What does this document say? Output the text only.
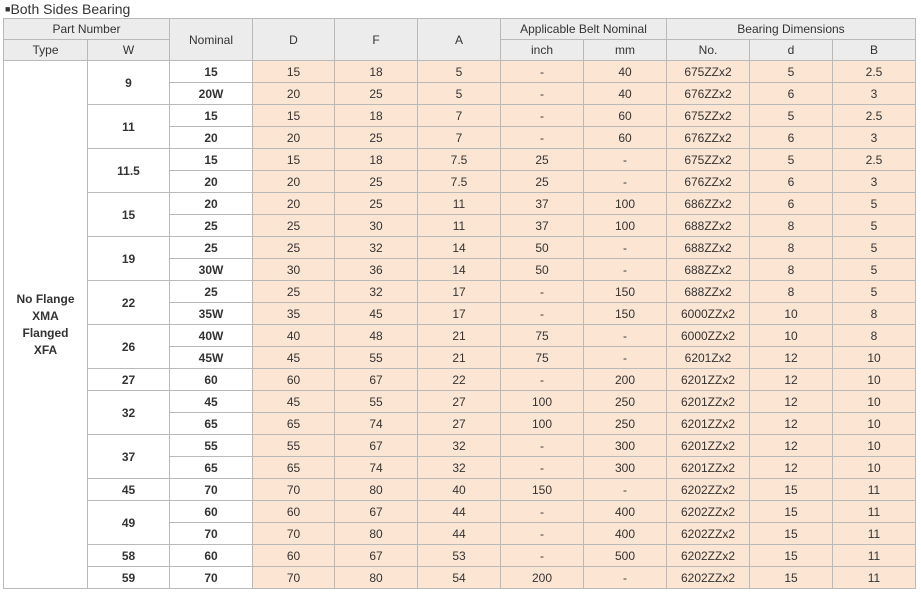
■Both Sides Bearing
Part Number		Nominal	D	F	A	Applicable Belt Nominal		Bearing Dimensions		
Type	W					inch	mm	No.	d	B

No Flange
XMA
Flanged
XFA	9	15	15	18	5	-	40	675ZZx2	5	2.5
		20W	20	25	5	-	40	676ZZx2	6	3
	11	15	15	18	7	-	60	675ZZx2	5	2.5
		20	20	25	7	-	60	676ZZx2	6	3
	11.5	15	15	18	7.5	25	-	675ZZx2	5	2.5
		20	20	25	7.5	25	-	676ZZx2	6	3
	15	20	20	25	11	37	100	686ZZx2	6	5
		25	25	30	11	37	100	688ZZx2	8	5
	19	25	25	32	14	50	-	688ZZx2	8	5
		30W	30	36	14	50	-	688ZZx2	8	5
	22	25	25	32	17	-	150	688ZZx2	8	5
		35W	35	45	17	-	150	6000ZZx2	10	8
	26	40W	40	48	21	75	-	6000ZZx2	10	8
		45W	45	55	21	75	-	6201Zx2	12	10
	27	60	60	67	22	-	200	6201ZZx2	12	10
	32	45	45	55	27	100	250	6201ZZx2	12	10
		65	65	74	27	100	250	6201ZZx2	12	10
	37	55	55	67	32	-	300	6201ZZx2	12	10
		65	65	74	32	-	300	6201ZZx2	12	10
	45	70	70	80	40	150	-	6202ZZx2	15	11
	49	60	60	67	44	-	400	6202ZZx2	15	11
		70	70	80	44	-	400	6202ZZx2	15	11
	58	60	60	67	53	-	500	6202ZZx2	15	11
	59	70	70	80	54	200	-	6202ZZx2	15	11
